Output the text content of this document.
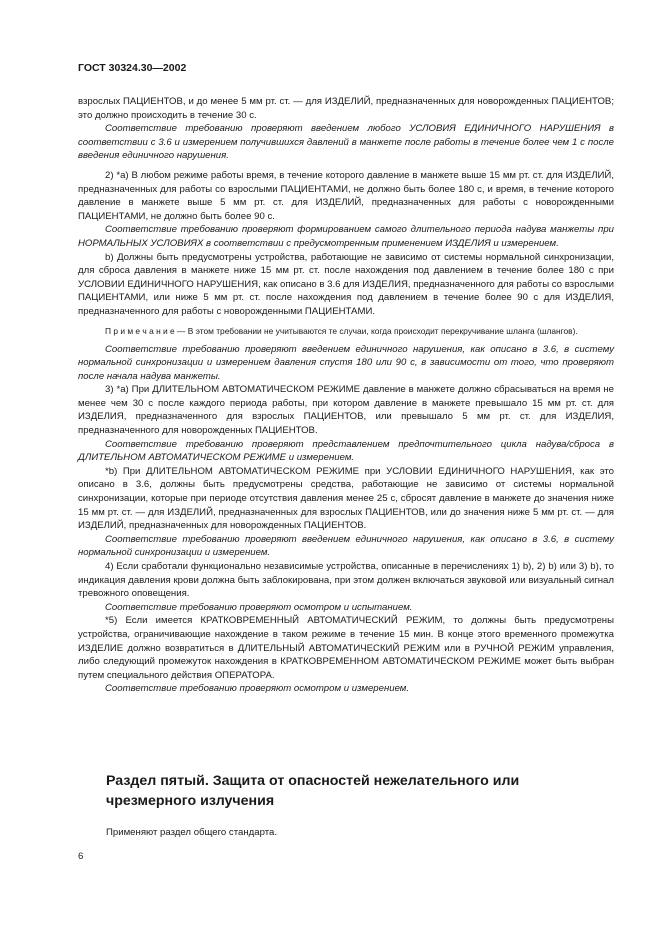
ГОСТ 30324.30—2002

взрослых ПАЦИЕНТОВ, и до менее 5 мм рт. ст. — для ИЗДЕЛИЙ, предназначенных для новорожденных ПАЦИЕНТОВ; это должно происходить в течение 30 с.

Соответствие требованию проверяют введением любого УСЛОВИЯ ЕДИНИЧНОГО НАРУШЕНИЯ в соответствии с 3.6 и измерением получившихся давлений в манжете после работы в течение более чем 1 с после введения единичного нарушения.

2) *а) В любом режиме работы время, в течение которого давление в манжете выше 15 мм рт. ст. для ИЗДЕЛИЙ, предназначенных для работы со взрослыми ПАЦИЕНТАМИ, не должно быть более 180 с, и время, в течение которого давление в манжете выше 5 мм рт. ст. для ИЗДЕЛИЙ, предназначенных для работы с новорожденными ПАЦИЕНТАМИ, не должно быть более 90 с.

Соответствие требованию проверяют формированием самого длительного периода надува манжеты при НОРМАЛЬНЫХ УСЛОВИЯХ в соответствии с предусмотренным применением ИЗДЕЛИЯ и измерением.

b) Должны быть предусмотрены устройства, работающие не зависимо от системы нормальной синхронизации, для сброса давления в манжете ниже 15 мм рт. ст. после нахождения под давлением в течение более 180 с при УСЛОВИИ ЕДИНИЧНОГО НАРУШЕНИЯ, как описано в 3.6 для ИЗДЕЛИЯ, предназначенного для работы со взрослыми ПАЦИЕНТАМИ, или ниже 5 мм рт. ст. после нахождения под давлением в течение более 90 с для ИЗДЕЛИЯ, предназначенного для работы с новорожденными ПАЦИЕНТАМИ.

П р и м е ч а н и е — В этом требовании не учитываются те случаи, когда происходит перекручивание шланга (шлангов).

Соответствие требованию проверяют введением единичного нарушения, как описано в 3.6, в систему нормальной синхронизации и измерением давления спустя 180 или 90 с, в зависимости от того, что проверяют после начала надува манжеты.

3) *а) При ДЛИТЕЛЬНОМ АВТОМАТИЧЕСКОМ РЕЖИМЕ давление в манжете должно сбрасываться на время не менее чем 30 с после каждого периода работы, при котором давление в манжете превышало 15 мм рт. ст. для ИЗДЕЛИЯ, предназначенного для взрослых ПАЦИЕНТОВ, или превышало 5 мм рт. ст. для ИЗДЕЛИЯ, предназначенного для новорожденных ПАЦИЕНТОВ.

Соответствие требованию проверяют представлением предпочтительного цикла надува/сброса в ДЛИТЕЛЬНОМ АВТОМАТИЧЕСКОМ РЕЖИМЕ и измерением.

*b) При ДЛИТЕЛЬНОМ АВТОМАТИЧЕСКОМ РЕЖИМЕ при УСЛОВИИ ЕДИНИЧНОГО НАРУШЕНИЯ, как это описано в 3.6, должны быть предусмотрены средства, работающие не зависимо от системы нормальной синхронизации, которые при периоде отсутствия давления менее 25 с, сбросят давление в манжете до значения ниже 15 мм рт. ст. — для ИЗДЕЛИЙ, предназначенных для взрослых ПАЦИЕНТОВ, или до значения ниже 5 мм рт. ст. — для ИЗДЕЛИЙ, предназначенных для новорожденных ПАЦИЕНТОВ.

Соответствие требованию проверяют введением единичного нарушения, как описано в 3.6, в систему нормальной синхронизации и измерением.

4) Если сработали функционально независимые устройства, описанные в перечислениях 1) b), 2) b) или 3) b), то индикация давления крови должна быть заблокирована, при этом должен включаться звуковой или визуальный сигнал тревожного оповещения.

Соответствие требованию проверяют осмотром и испытанием.

*5) Если имеется КРАТКОВРЕМЕННЫЙ АВТОМАТИЧЕСКИЙ РЕЖИМ, то должны быть предусмотрены устройства, ограничивающие нахождение в таком режиме в течение 15 мин. В конце этого временного промежутка ИЗДЕЛИЕ должно возвратиться в ДЛИТЕЛЬНЫЙ АВТОМАТИЧЕСКИЙ РЕЖИМ или в РУЧНОЙ РЕЖИМ управления, либо следующий промежуток нахождения в КРАТКОВРЕМЕННОМ АВТОМАТИЧЕСКОМ РЕЖИМЕ может быть выбран путем специального действия ОПЕРАТОРА.

Соответствие требованию проверяют осмотром и измерением.

Раздел пятый. Защита от опасностей нежелательного или чрезмерного излучения

Применяют раздел общего стандарта.

6
